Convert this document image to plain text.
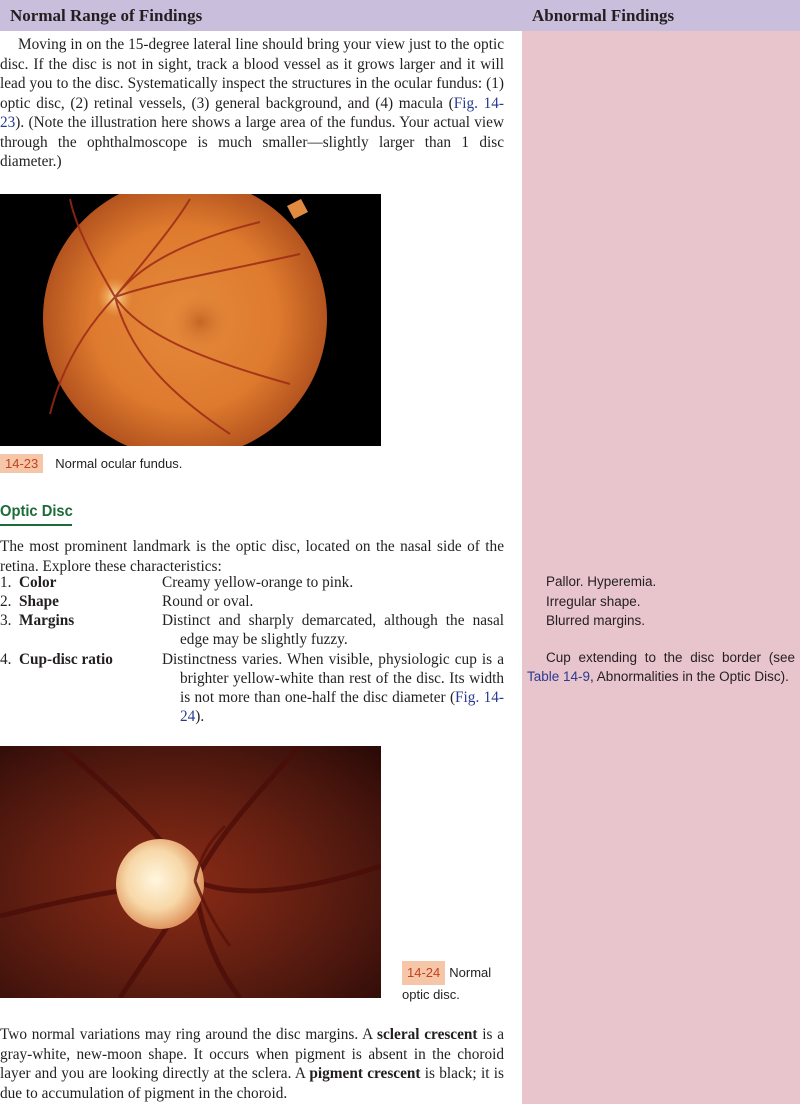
Normal Range of Findings	Abnormal Findings

Moving in on the 15-degree lateral line should bring your view just to the optic disc. If the disc is not in sight, track a blood vessel as it grows larger and it will lead you to the disc. Systematically inspect the structures in the ocular fundus: (1) optic disc, (2) retinal vessels, (3) general background, and (4) macula (Fig. 14-23). (Note the illustration here shows a large area of the fundus. Your actual view through the ophthalmoscope is much smaller—slightly larger than 1 disc diameter.)

14-23 Normal ocular fundus.
Optic Disc

The most prominent landmark is the optic disc, located on the nasal side of the retina. Explore these characteristics:

1. Color	Creamy yellow-orange to pink.
2. Shape	Round or oval.
3. Margins	Distinct and sharply demarcated, although the nasal edge may be slightly fuzzy.
4. Cup-disc ratio	Distinctness varies. When visible, physiologic cup is a brighter yellow-white than rest of the disc. Its width is not more than one-half the disc diameter (Fig. 14-24).
Pallor. Hyperemia.
Irregular shape.
Blurred margins.
Cup extending to the disc border (see Table 14-9, Abnormalities in the Optic Disc).
14-24 Normal optic disc.

Two normal variations may ring around the disc margins. A scleral crescent is a gray-white, new-moon shape. It occurs when pigment is absent in the choroid layer and you are looking directly at the sclera. A pigment crescent is black; it is due to accumulation of pigment in the choroid.
